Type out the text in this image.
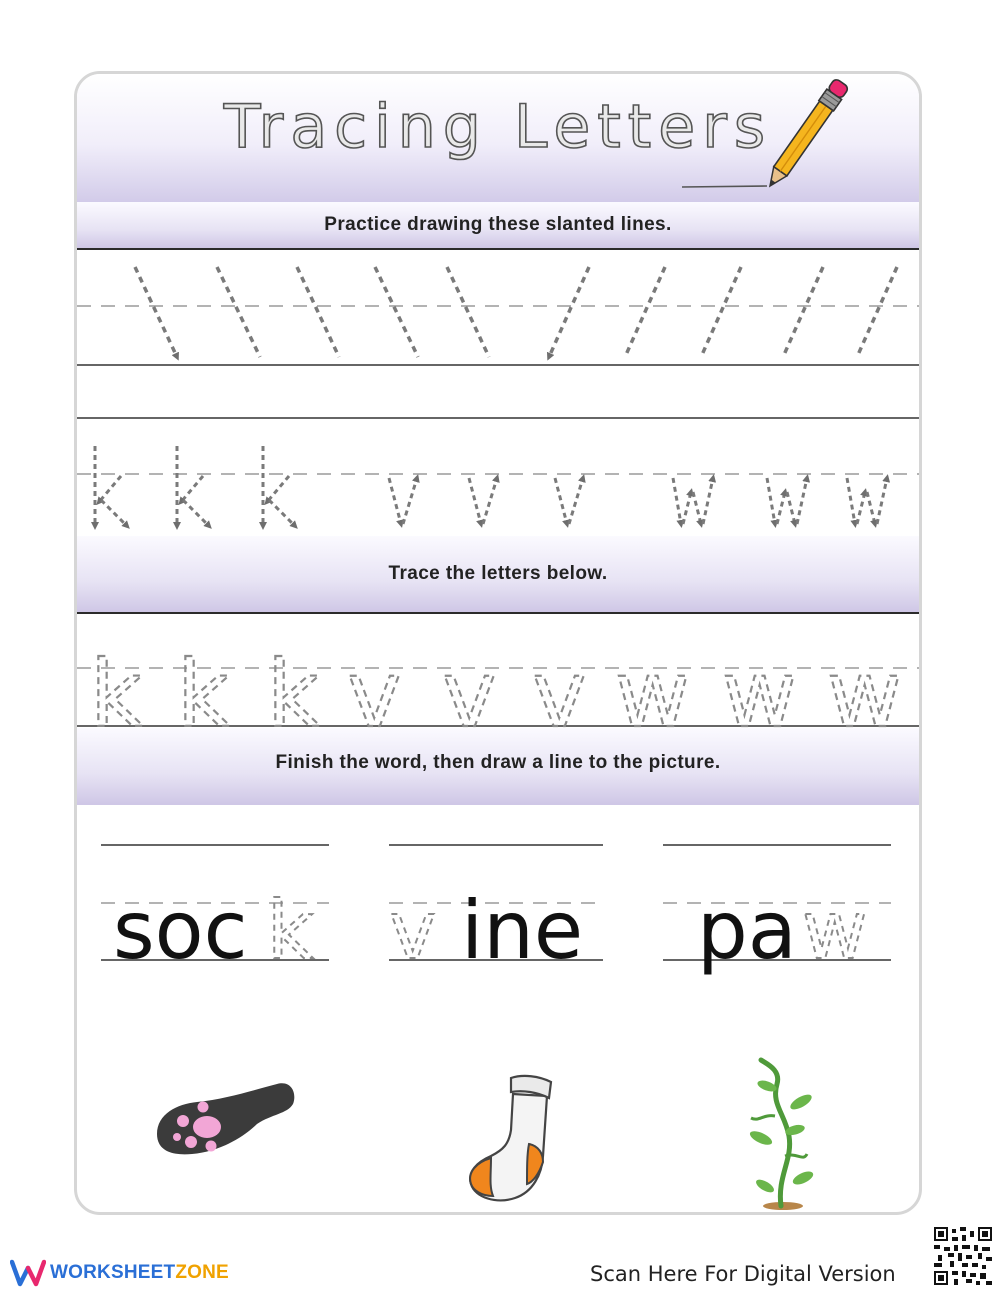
Tracing Letters
Practice drawing these slanted lines.
Trace the letters below.
Finish the word, then draw a line to the picture.
k k k v v v w w w
soc k v ine pa w
WORKSHEETZONE	Scan Here For Digital Version
